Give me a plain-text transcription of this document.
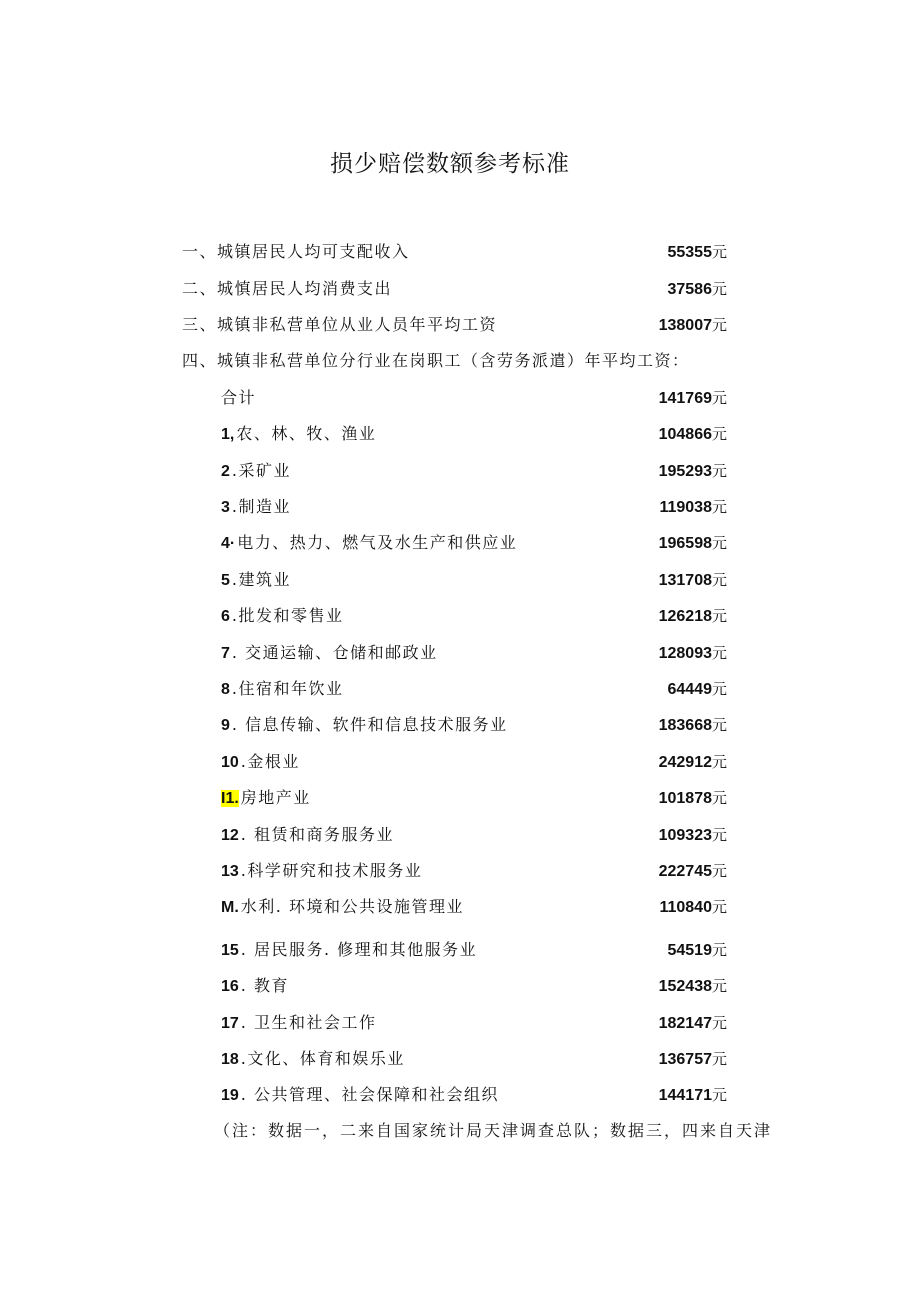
损少赔偿数额参考标准
一、城镇居民人均可支配收入	55355元
二、城慎居民人均消费支出	37586元
三、城镇非私营单位从业人员年平均工资	138007元
四、城镇非私营单位分行业在岗职工（含劳务派遣）年平均工资：
合计	141769元
1, 农、林、牧、渔业	104866元
2 .采矿业	195293元
3 .制造业	119038元
4· 电力、热力、燃气及水生产和供应业	196598元
5 .建筑业	131708元
6 .批发和零售业	126218元
7 . 交通运输、仓储和邮政业	128093元
8 .住宿和年饮业	64449元
9 . 信息传输、软件和信息技术服务业	183668元
10 .金根业	242912元
I1. 房地产业	101878元
12 . 租赁和商务服务业	109323元
13 .科学研究和技术服务业	222745元
M. 水利. 环境和公共设施管理业	110840元
15 . 居民服务. 修理和其他服务业	54519元
16 . 教育	152438元
17 . 卫生和社会工作	182147元
18 .文化、体育和娱乐业	136757元
19 . 公共管理、社会保障和社会组织	144171元
（注：数据一，二来自国家统计局天津调查总队；数据三，四来自天津
